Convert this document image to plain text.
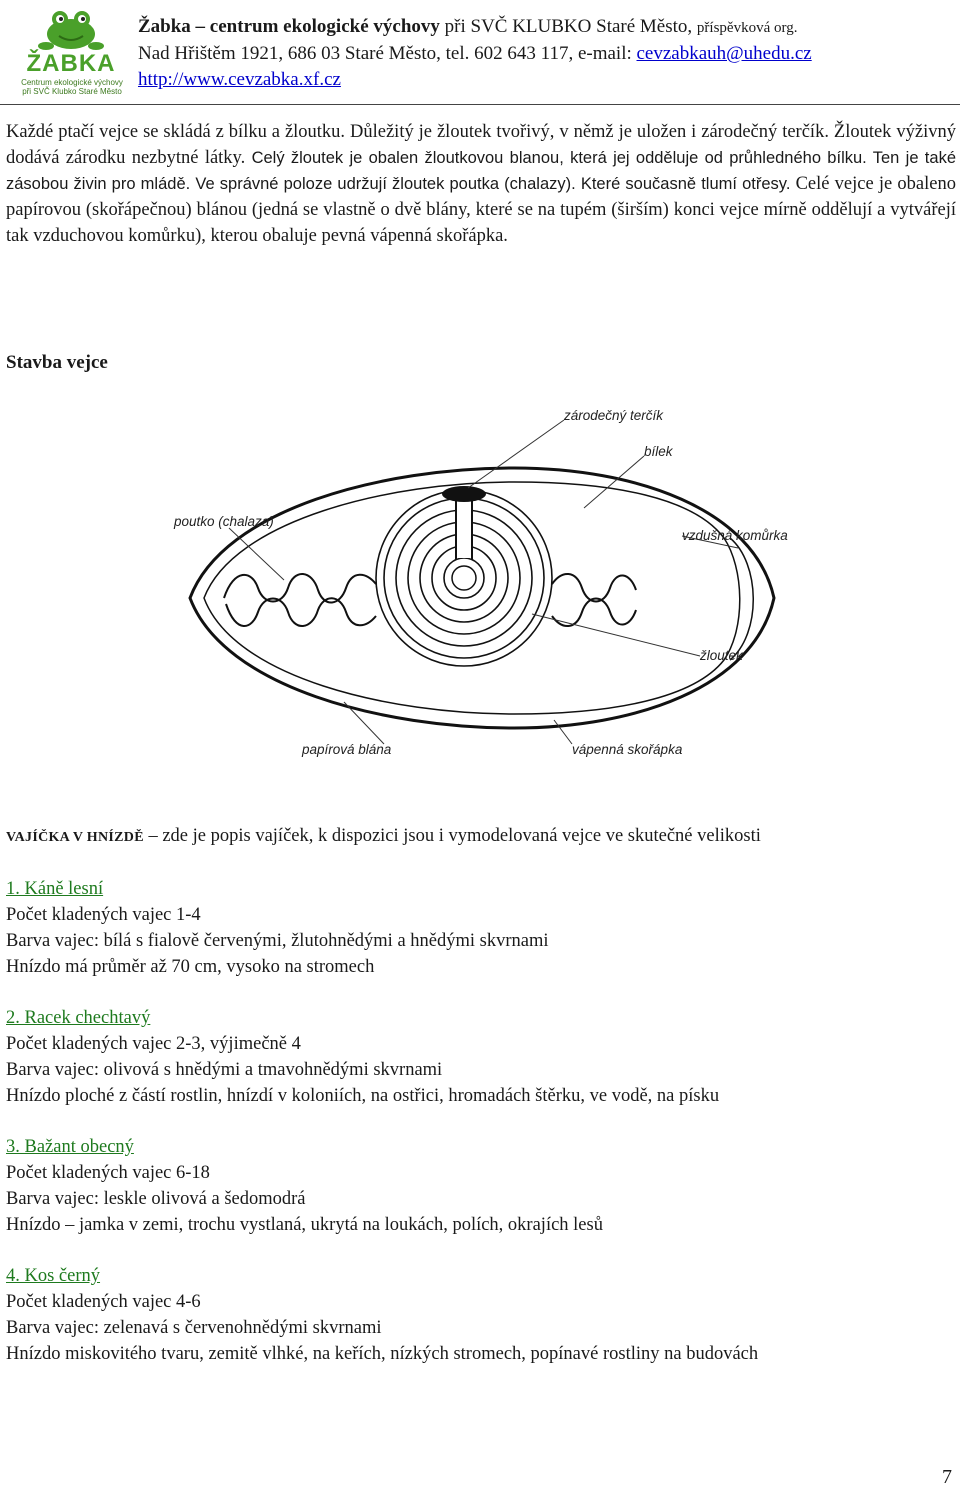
ŽABKA
Centrum ekologické výchovy při SVČ Klubko Staré Město
Žabka – centrum ekologické výchovy při SVČ KLUBKO Staré Město, příspěvková org.
Nad Hřištěm 1921, 686 03 Staré Město, tel. 602 643 117, e-mail: cevzabkauh@uhedu.cz
http://www.cevzabka.xf.cz
Každé ptačí vejce se skládá z bílku a žloutku. Důležitý je žloutek tvořivý, v němž je uložen i zárodečný terčík. Žloutek výživný dodává zárodku nezbytné látky. Celý žloutek je obalen žloutkovou blanou, která jej odděluje od průhledného bílku. Ten je také zásobou živin pro mládě. Ve správné poloze udržují žloutek poutka (chalazy). Které současně tlumí otřesy. Celé vejce je obaleno papírovou (skořápečnou) blánou (jedná se vlastně o dvě blány, které se na tupém (širším) konci vejce mírně oddělují a vytvářejí tak vzduchovou komůrku), kterou obaluje pevná vápenná skořápka.
Stavba vejce
zárodečný terčík
bílek
poutko (chalaza)
vzdušná komůrka
žloutek
papírová blána	vápenná skořápka
VAJÍČKA V HNÍZDĚ – zde je popis vajíček, k dispozici jsou i vymodelovaná vejce ve skutečné velikosti
1. Káně lesní
Počet kladených vajec 1-4
Barva vajec: bílá s fialově červenými, žlutohnědými a hnědými skvrnami
Hnízdo má průměr až 70 cm, vysoko na stromech
2. Racek chechtavý
Počet kladených vajec 2-3, výjimečně 4
Barva vajec: olivová s hnědými a tmavohnědými skvrnami
Hnízdo ploché z částí rostlin, hnízdí v koloniích, na ostřici, hromadách štěrku, ve vodě, na písku
3. Bažant obecný
Počet kladených vajec 6-18
Barva vajec: leskle olivová a šedomodrá
Hnízdo – jamka v zemi, trochu vystlaná, ukrytá na loukách, polích, okrajích lesů
4. Kos černý
Počet kladených vajec 4-6
Barva vajec: zelenavá s červenohnědými skvrnami
Hnízdo miskovitého tvaru, zemitě vlhké, na keřích, nízkých stromech, popínavé rostliny na budovách
7
